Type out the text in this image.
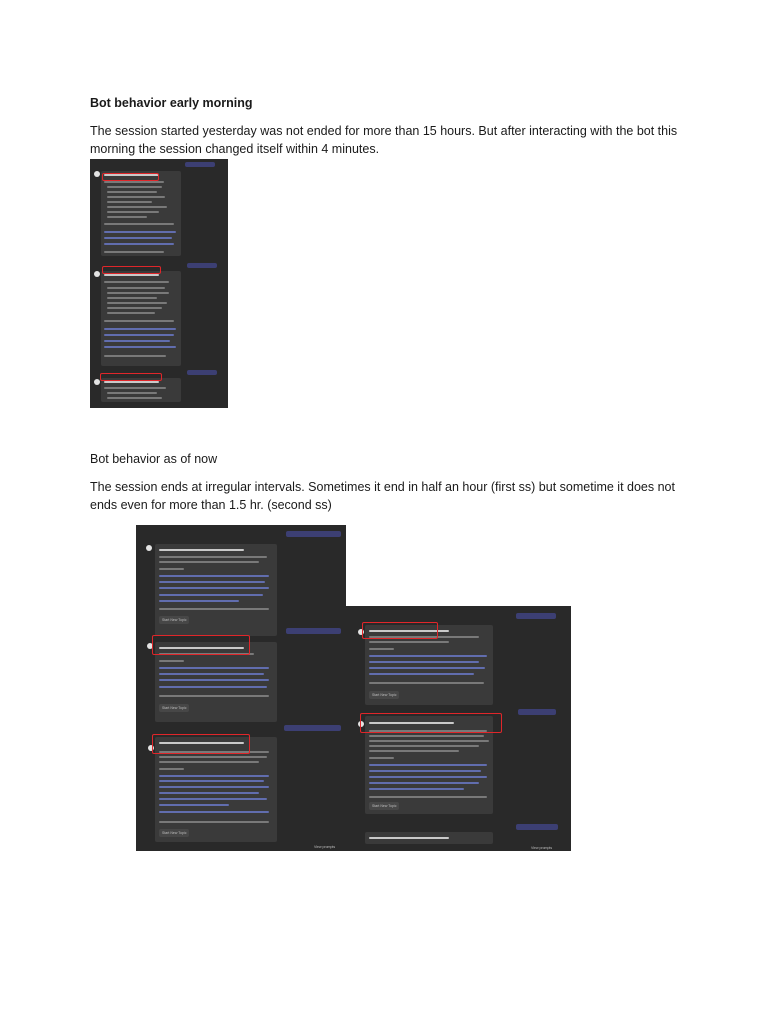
Bot behavior early morning

The session started yesterday was not ended for more than 15 hours. But after interacting with the bot this morning the session changed itself within 4 minutes.

Bot behavior as of now

The session ends at irregular intervals. Sometimes it end in half an hour (first ss) but sometime it does not ends even for more than 1.5 hr. (second ss)

Start New Topic
Start New Topic
Start New Topic
View prompts
Start New Topic
Start New Topic
View prompts
